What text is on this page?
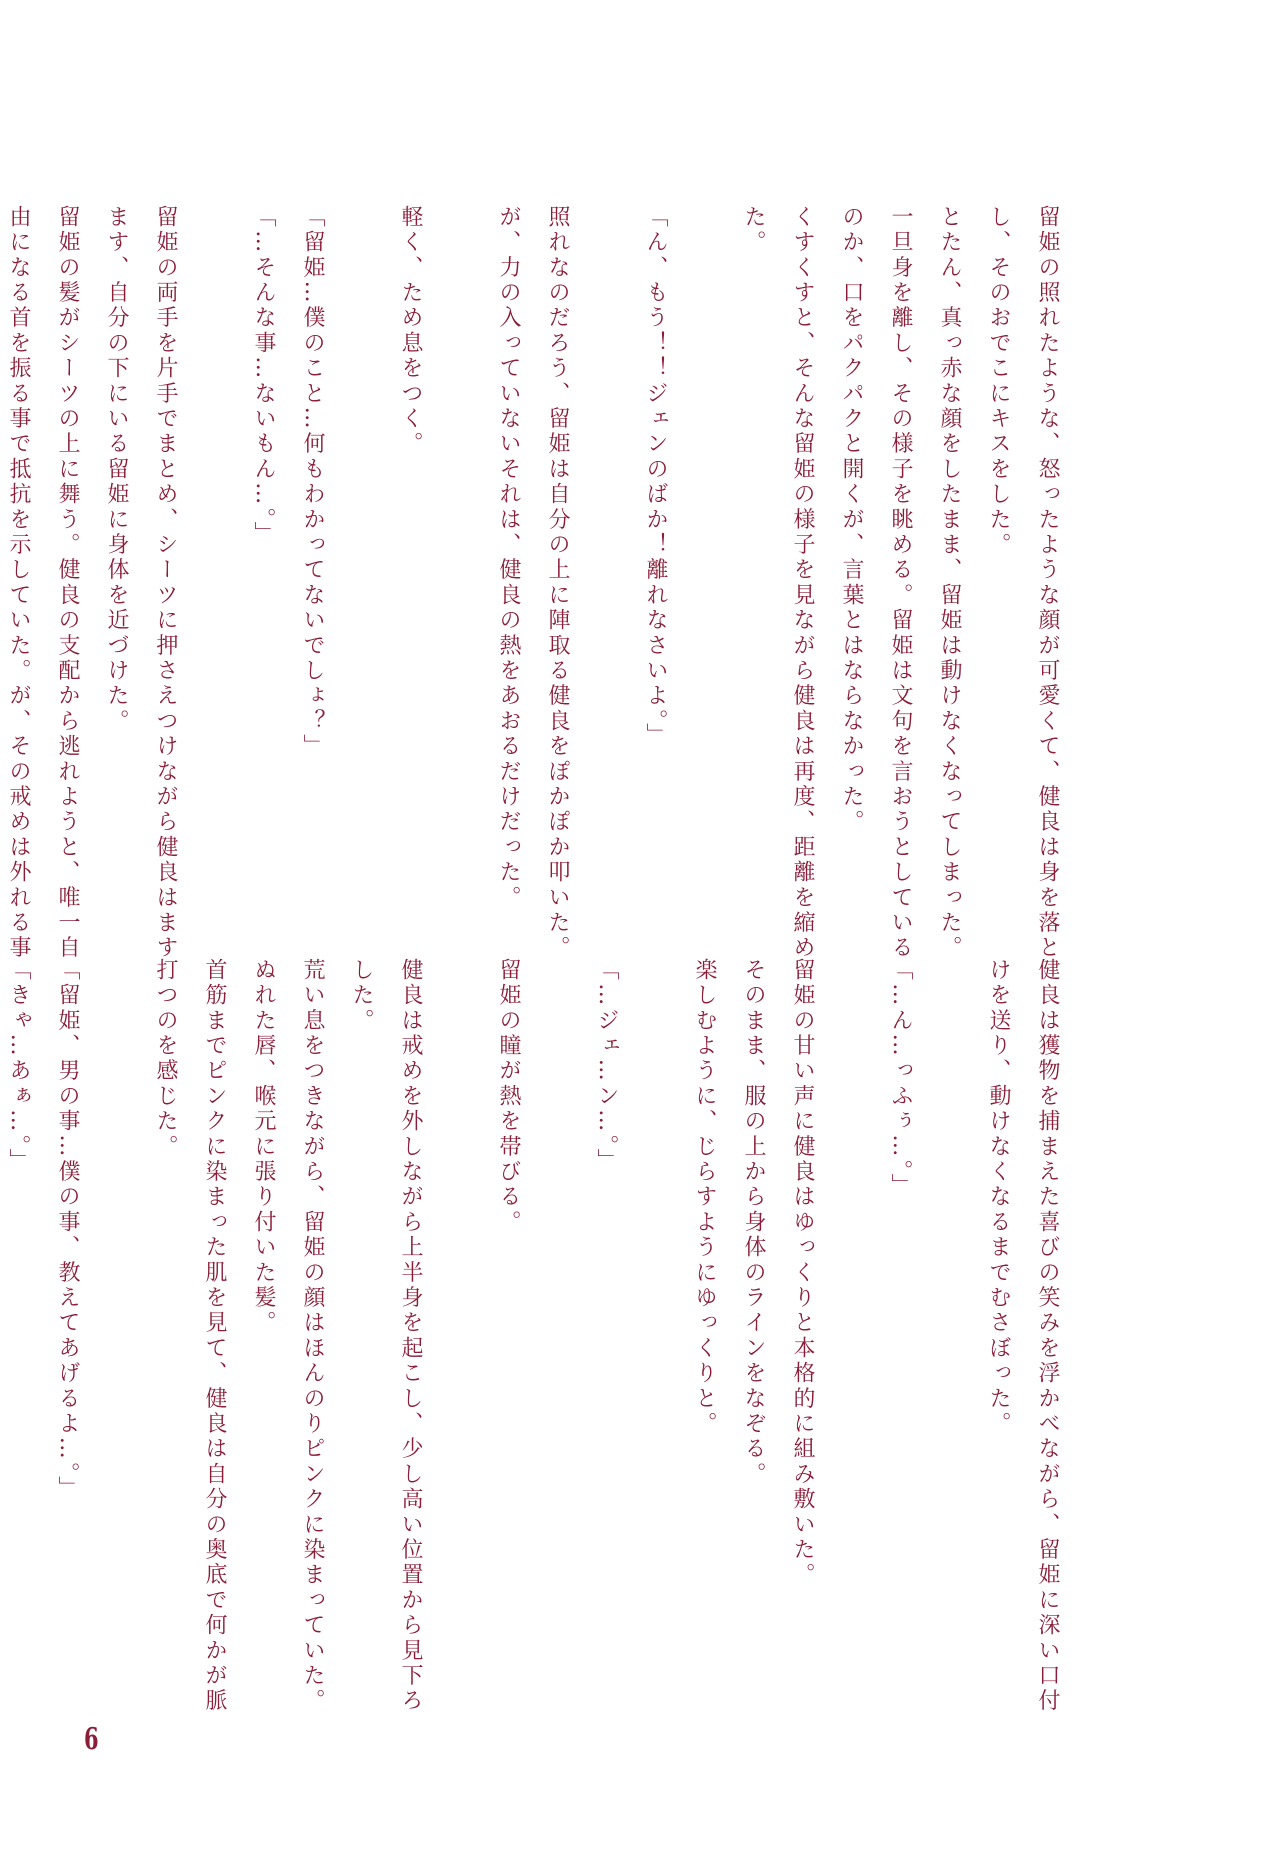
留姫の照れたような、怒ったような顔が可愛くて、健良は身を落と

し、そのおでこにキスをした。

とたん、真っ赤な顔をしたまま、留姫は動けなくなってしまった。

一旦身を離し、その様子を眺める。留姫は文句を言おうとしている

のか、口をパクパクと開くが、言葉とはならなかった。

くすくすと、そんな留姫の様子を見ながら健良は再度、距離を縮め

た。

「ん、もう！！ジェンのばか！離れなさいよ。」

照れなのだろう、留姫は自分の上に陣取る健良をぽかぽか叩いた。

が、力の入っていないそれは、健良の熱をあおるだけだった。

軽く、ため息をつく。

「留姫…僕のこと…何もわかってないでしょ？」

「…そんな事…ないもん…。」

留姫の両手を片手でまとめ、シーツに押さえつけながら健良はます

ます、自分の下にいる留姫に身体を近づけた。

留姫の髪がシーツの上に舞う。健良の支配から逃れようと、唯一自

由になる首を振る事で抵抗を示していた。が、その戒めは外れる事

健良は獲物を捕まえた喜びの笑みを浮かべながら、留姫に深い口付

けを送り、動けなくなるまでむさぼった。

「…ん…っふぅ…。」

留姫の甘い声に健良はゆっくりと本格的に組み敷いた。

そのまま、服の上から身体のラインをなぞる。

楽しむように、じらすようにゆっくりと。

「…ジェ…ン…。」

留姫の瞳が熱を帯びる。

健良は戒めを外しながら上半身を起こし、少し高い位置から見下ろ

した。

荒い息をつきながら、留姫の顔はほんのりピンクに染まっていた。

ぬれた唇、喉元に張り付いた髪。

首筋までピンクに染まった肌を見て、健良は自分の奥底で何かが脈

打つのを感じた。

「留姫、男の事…僕の事、教えてあげるよ…。」

「きゃ…あぁ…。」

6
